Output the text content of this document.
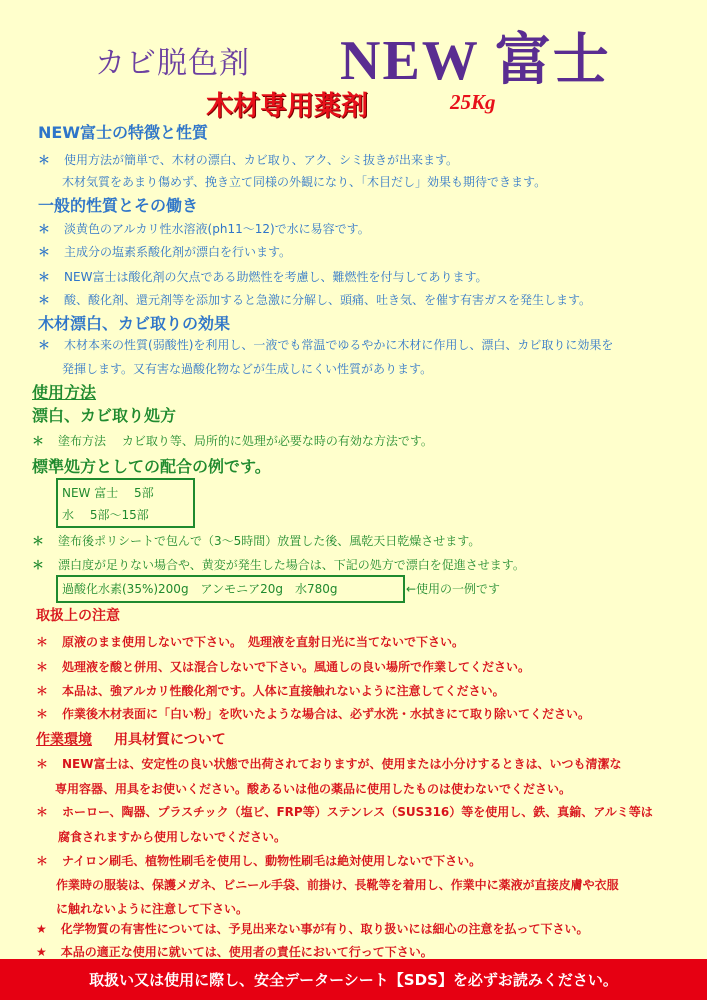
カビ脱色剤 NEW 富士
木材専用薬剤	25Kg
NEW富士の特徴と性質
＊ 使用方法が簡単で、木材の漂白、カビ取り、アク、シミ抜きが出来ます。
木材気質をあまり傷めず、挽き立て同様の外観になり、「木目だし」効果も期待できます。
一般的性質とその働き
＊ 淡黄色のアルカリ性水溶液(ph11～12)で水に易容です。
＊ 主成分の塩素系酸化剤が漂白を行います。
＊ NEW富士は酸化剤の欠点である助燃性を考慮し、難燃性を付与してあります。
＊ 酸、酸化剤、還元剤等を添加すると急激に分解し、頭痛、吐き気、を催す有害ガスを発生します。
木材漂白、カビ取りの効果
＊ 木材本来の性質(弱酸性)を利用し、一液でも常温でゆるやかに木材に作用し、漂白、カビ取りに効果を
発揮します。又有害な過酸化物などが生成しにくい性質があります。
使用方法
漂白、カビ取り処方
＊ 塗布方法　 カビ取り等、局所的に処理が必要な時の有効な方法です。
標準処方としての配合の例です。
NEW 富士　 5部
水　 5部～15部
＊ 塗布後ポリシートで包んで（3～5時間）放置した後、風乾天日乾燥させます。
＊ 漂白度が足りない場合や、黄変が発生した場合は、下記の処方で漂白を促進させます。
過酸化水素(35%)200g　アンモニア20g　水780g	←使用の一例です
取扱上の注意
＊ 原液のまま使用しないで下さい。　処理液を直射日光に当てないで下さい。
＊ 処理液を酸と併用、又は混合しないで下さい。風通しの良い場所で作業してください。
＊ 本品は、強アルカリ性酸化剤です。人体に直接触れないように注意してください。
＊ 作業後木材表面に「白い粉」を吹いたような場合は、必ず水洗・水拭きにて取り除いてください。
作業環境 用具材質について
＊ NEW富士は、安定性の良い状態で出荷されておりますが、使用または小分けするときは、いつも清潔な
専用容器、用具をお使いください。酸あるいは他の薬品に使用したものは使わないでください。
＊ ホーロー、陶器、プラスチック（塩ビ、FRP等）ステンレス（SUS316）等を使用し、鉄、真鍮、アルミ等は
腐食されますから使用しないでください。
＊ ナイロン刷毛、植物性刷毛を使用し、動物性刷毛は絶対使用しないで下さい。
作業時の服装は、保護メガネ、ビニール手袋、前掛け、長靴等を着用し、作業中に薬液が直接皮膚や衣服
に触れないように注意して下さい。
★ 化学物質の有害性については、予見出来ない事が有り、取り扱いには細心の注意を払って下さい。
★ 本品の適正な使用に就いては、使用者の責任において行って下さい。
取扱い又は使用に際し、安全データーシート【SDS】を必ずお読みください。
